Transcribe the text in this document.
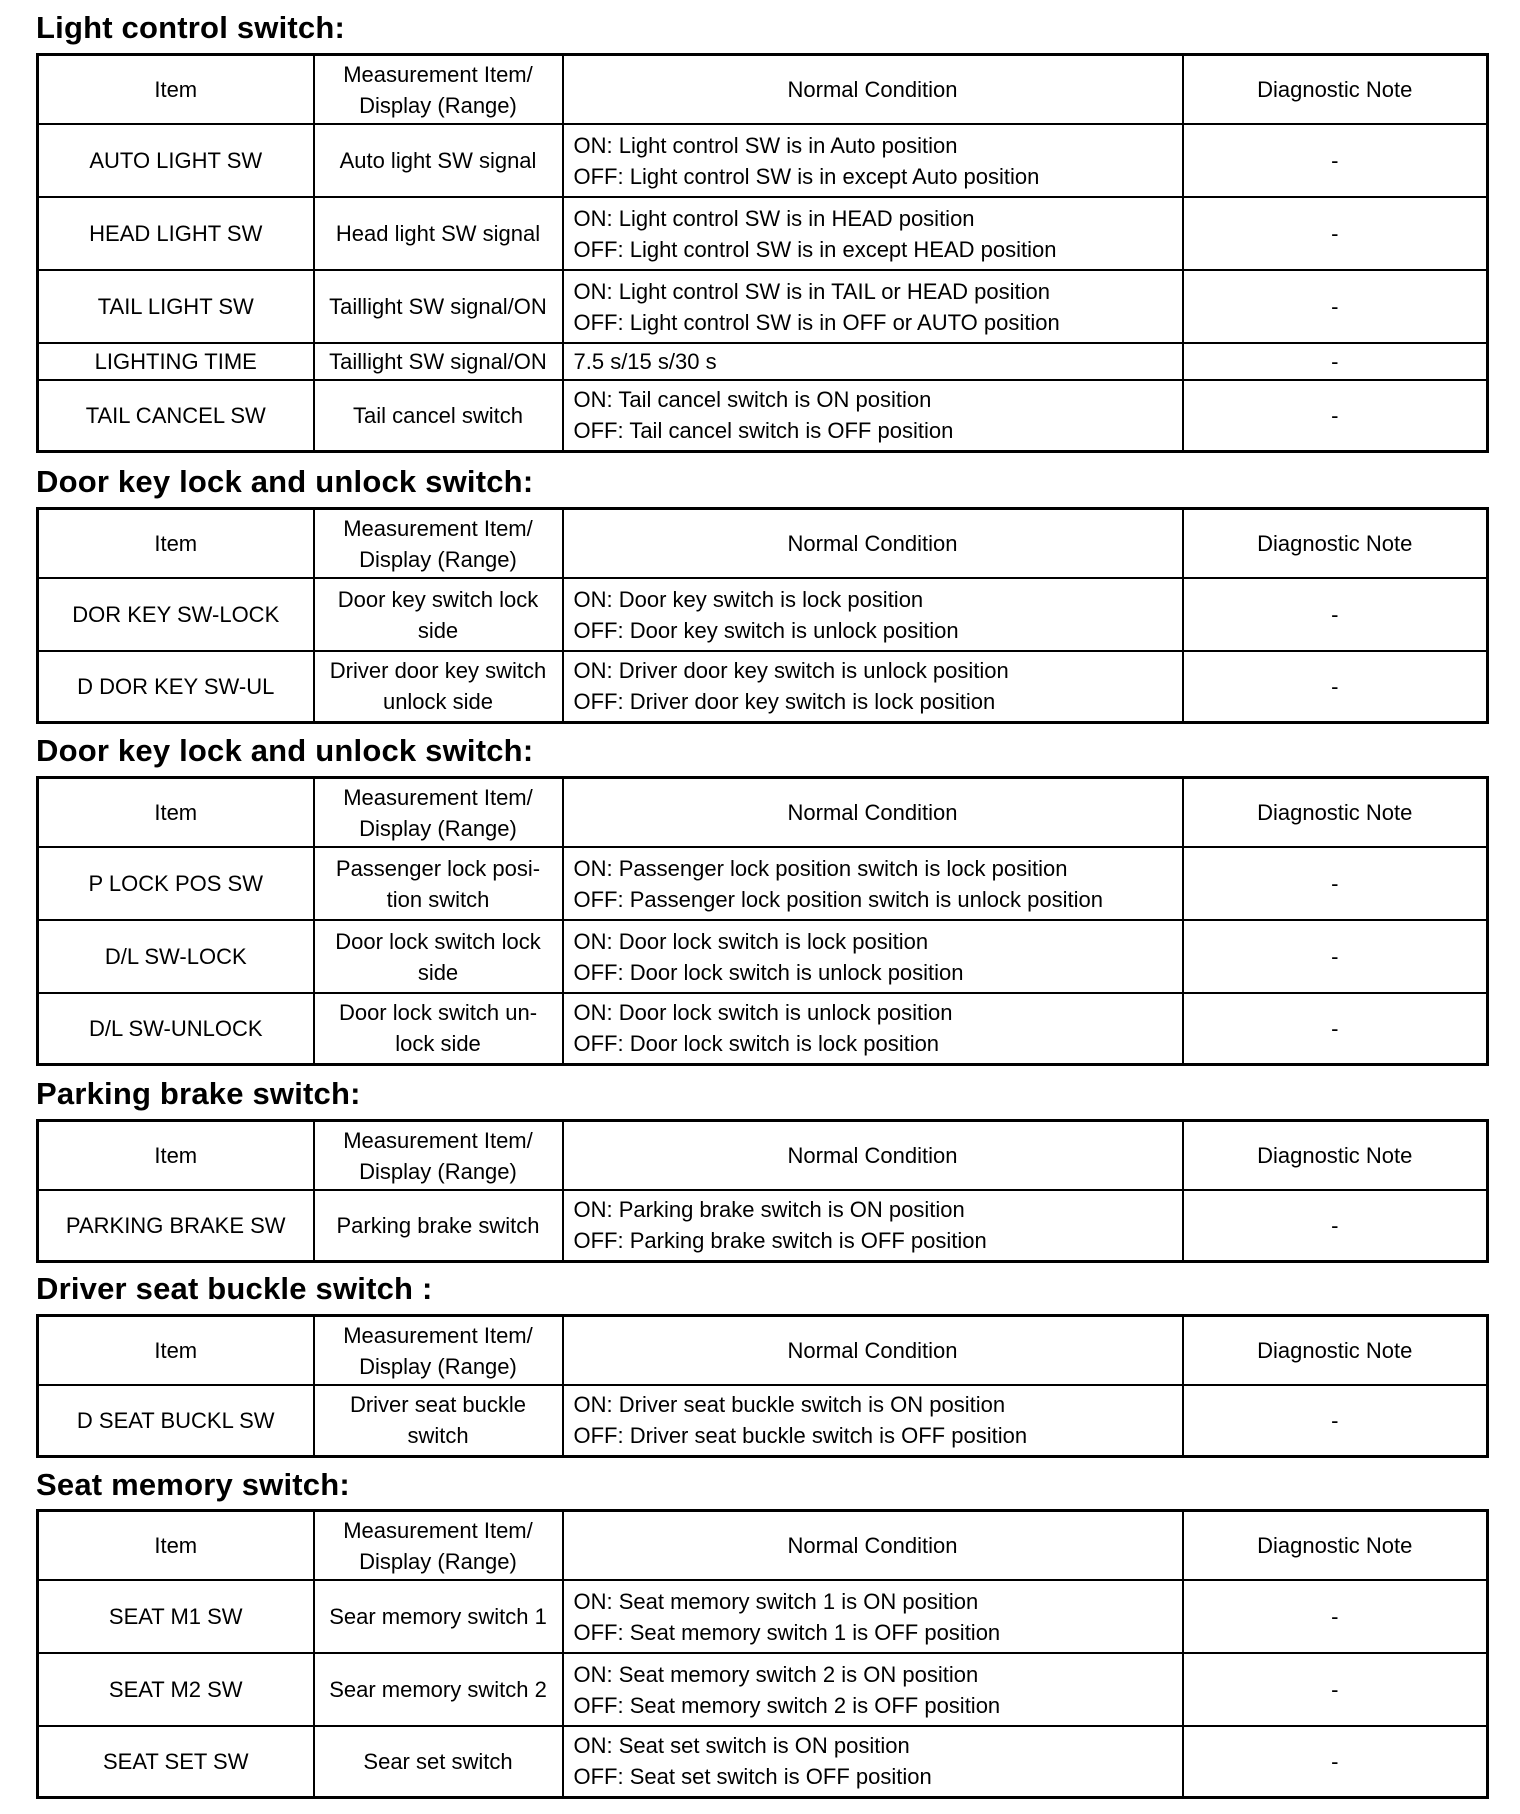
Light control switch:
Item	Measurement Item/
Display (Range)	Normal Condition	Diagnostic Note
AUTO LIGHT SW	Auto light SW signal	ON: Light control SW is in Auto position
OFF: Light control SW is in except Auto position	-
HEAD LIGHT SW	Head light SW signal	ON: Light control SW is in HEAD position
OFF: Light control SW is in except HEAD position	-
TAIL LIGHT SW	Taillight SW signal/ON	ON: Light control SW is in TAIL or HEAD position
OFF: Light control SW is in OFF or AUTO position	-
LIGHTING TIME	Taillight SW signal/ON	7.5 s/15 s/30 s	-
TAIL CANCEL SW	Tail cancel switch	ON: Tail cancel switch is ON position
OFF: Tail cancel switch is OFF position	-
Door key lock and unlock switch:
Item	Measurement Item/
Display (Range)	Normal Condition	Diagnostic Note
DOR KEY SW-LOCK	Door key switch lock
side	ON: Door key switch is lock position
OFF: Door key switch is unlock position	-
D DOR KEY SW-UL	Driver door key switch
unlock side	ON: Driver door key switch is unlock position
OFF: Driver door key switch is lock position	-
Door key lock and unlock switch:
Item	Measurement Item/
Display (Range)	Normal Condition	Diagnostic Note
P LOCK POS SW	Passenger lock posi-
tion switch	ON: Passenger lock position switch is lock position
OFF: Passenger lock position switch is unlock position	-
D/L SW-LOCK	Door lock switch lock
side	ON: Door lock switch is lock position
OFF: Door lock switch is unlock position	-
D/L SW-UNLOCK	Door lock switch un-
lock side	ON: Door lock switch is unlock position
OFF: Door lock switch is lock position	-
Parking brake switch:
Item	Measurement Item/
Display (Range)	Normal Condition	Diagnostic Note
PARKING BRAKE SW	Parking brake switch	ON: Parking brake switch is ON position
OFF: Parking brake switch is OFF position	-
Driver seat buckle switch :
Item	Measurement Item/
Display (Range)	Normal Condition	Diagnostic Note
D SEAT BUCKL SW	Driver seat buckle
switch	ON: Driver seat buckle switch is ON position
OFF: Driver seat buckle switch is OFF position	-
Seat memory switch:
Item	Measurement Item/
Display (Range)	Normal Condition	Diagnostic Note
SEAT M1 SW	Sear memory switch 1	ON: Seat memory switch 1 is ON position
OFF: Seat memory switch 1 is OFF position	-
SEAT M2 SW	Sear memory switch 2	ON: Seat memory switch 2 is ON position
OFF: Seat memory switch 2 is OFF position	-
SEAT SET SW	Sear set switch	ON: Seat set switch is ON position
OFF: Seat set switch is OFF position	-
